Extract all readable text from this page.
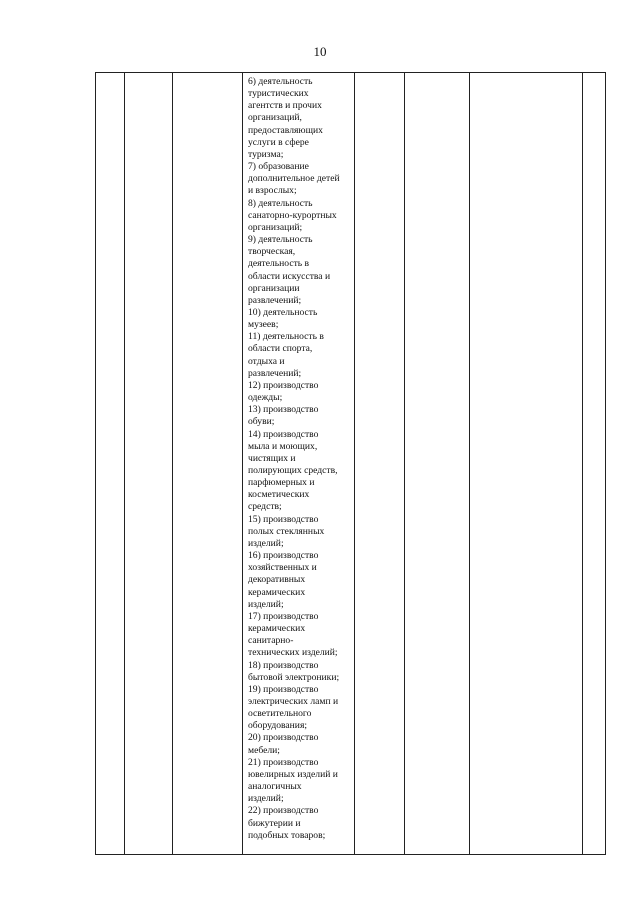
10
6) деятельность
туристических
агентств и прочих
организаций,
предоставляющих
услуги в сфере
туризма;
7) образование
дополнительное детей
и взрослых;
8) деятельность
санаторно-курортных
организаций;
9) деятельность
творческая,
деятельность в
области искусства и
организации
развлечений;
10) деятельность
музеев;
11) деятельность в
области спорта,
отдыха и
развлечений;
12) производство
одежды;
13) производство
обуви;
14) производство
мыла и моющих,
чистящих и
полирующих средств,
парфюмерных и
косметических
средств;
15) производство
полых стеклянных
изделий;
16) производство
хозяйственных и
декоративных
керамических
изделий;
17) производство
керамических
санитарно-
технических изделий;
18) производство
бытовой электроники;
19) производство
электрических ламп и
осветительного
оборудования;
20) производство
мебели;
21) производство
ювелирных изделий и
аналогичных
изделий;
22) производство
бижутерии и
подобных товаров;
